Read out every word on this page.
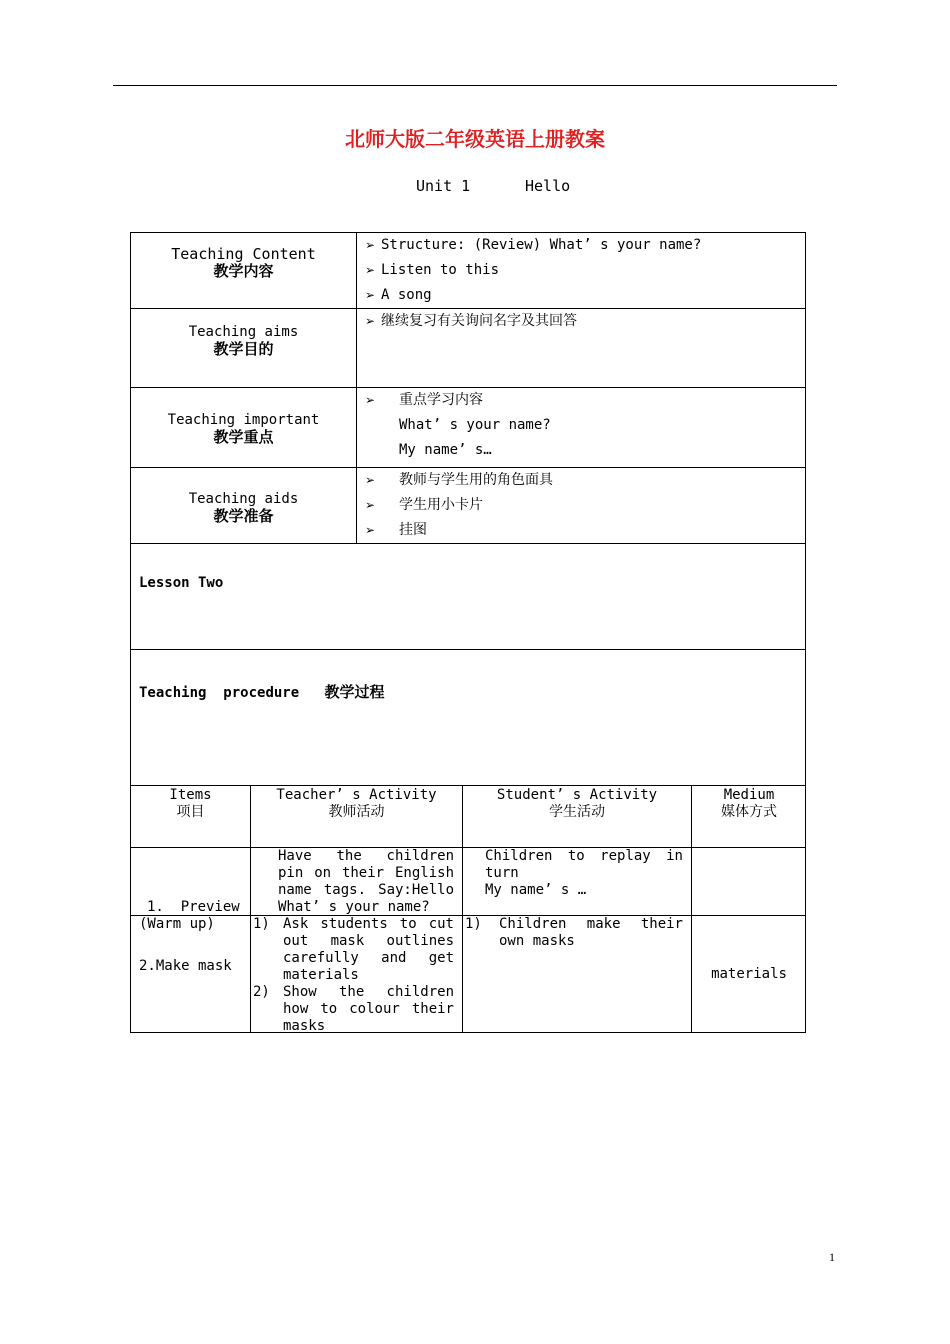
北师大版二年级英语上册教案
Unit 1	Hello
Teaching Content
教学内容
➢ Structure: (Review) What’ s your name?
➢ Listen to this
➢ A song
Teaching aims
教学目的
➢ 继续复习有关询问名字及其回答
Teaching important
教学重点
➢ 重点学习内容
What’ s your name?
My name’ s…
Teaching aids
教学准备
➢ 教师与学生用的角色面具
➢ 学生用小卡片
➢ 挂图
Lesson Two
Teaching procedure 教学过程
Items
项目
Teacher’ s Activity
教师活动
Student’ s Activity
学生活动
Medium
媒体方式

1.  Preview
(Warm up)

Have the children
pin on their English
name tags. Say:Hello
What’ s your name?
Children to replay in
turn
My name’ s …
2.Make mask
1) Ask students to cut
out mask outlines
carefully and get
materials
2) Show the children
how to colour their
masks
1) Children make their
own masks
materials
1
